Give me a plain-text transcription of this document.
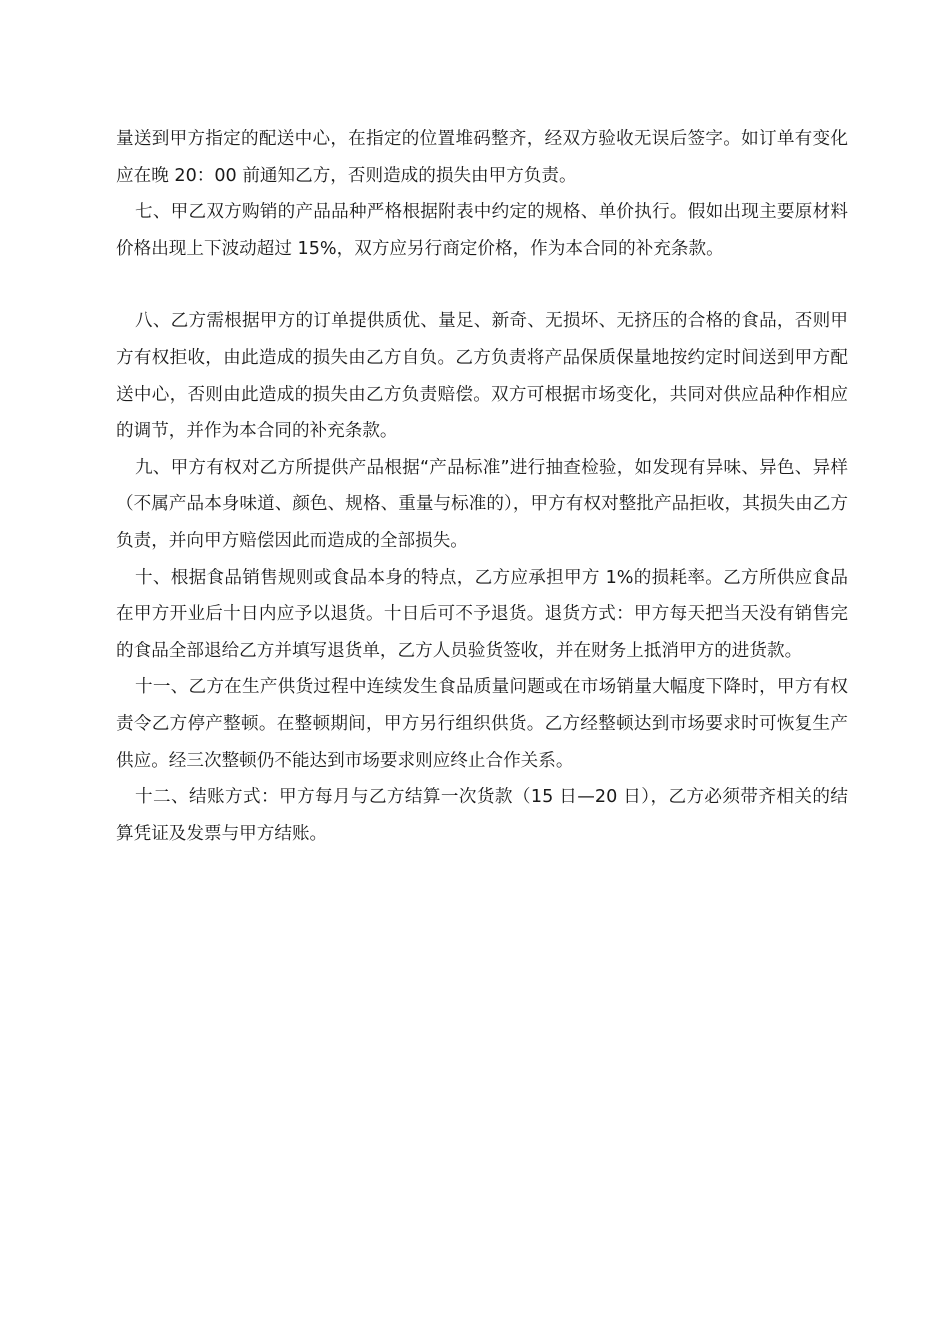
量送到甲方指定的配送中心，在指定的位置堆码整齐，经双方验收无误后签字。如订单有变化应在晚 20：00 前通知乙方，否则造成的损失由甲方负责。

七、甲乙双方购销的产品品种严格根据附表中约定的规格、单价执行。假如出现主要原材料价格出现上下波动超过 15%，双方应另行商定价格，作为本合同的补充条款。

八、乙方需根据甲方的订单提供质优、量足、新奇、无损坏、无挤压的合格的食品，否则甲方有权拒收，由此造成的损失由乙方自负。乙方负责将产品保质保量地按约定时间送到甲方配送中心，否则由此造成的损失由乙方负责赔偿。双方可根据市场变化，共同对供应品种作相应的调节，并作为本合同的补充条款。

九、甲方有权对乙方所提供产品根据“产品标准”进行抽查检验，如发现有异味、异色、异样（不属产品本身味道、颜色、规格、重量与标准的），甲方有权对整批产品拒收，其损失由乙方负责，并向甲方赔偿因此而造成的全部损失。

十、根据食品销售规则或食品本身的特点，乙方应承担甲方 1%的损耗率。乙方所供应食品在甲方开业后十日内应予以退货。十日后可不予退货。退货方式：甲方每天把当天没有销售完的食品全部退给乙方并填写退货单，乙方人员验货签收，并在财务上抵消甲方的进货款。

十一、乙方在生产供货过程中连续发生食品质量问题或在市场销量大幅度下降时，甲方有权责令乙方停产整顿。在整顿期间，甲方另行组织供货。乙方经整顿达到市场要求时可恢复生产供应。经三次整顿仍不能达到市场要求则应终止合作关系。

十二、结账方式：甲方每月与乙方结算一次货款（15 日—20 日），乙方必须带齐相关的结算凭证及发票与甲方结账。
